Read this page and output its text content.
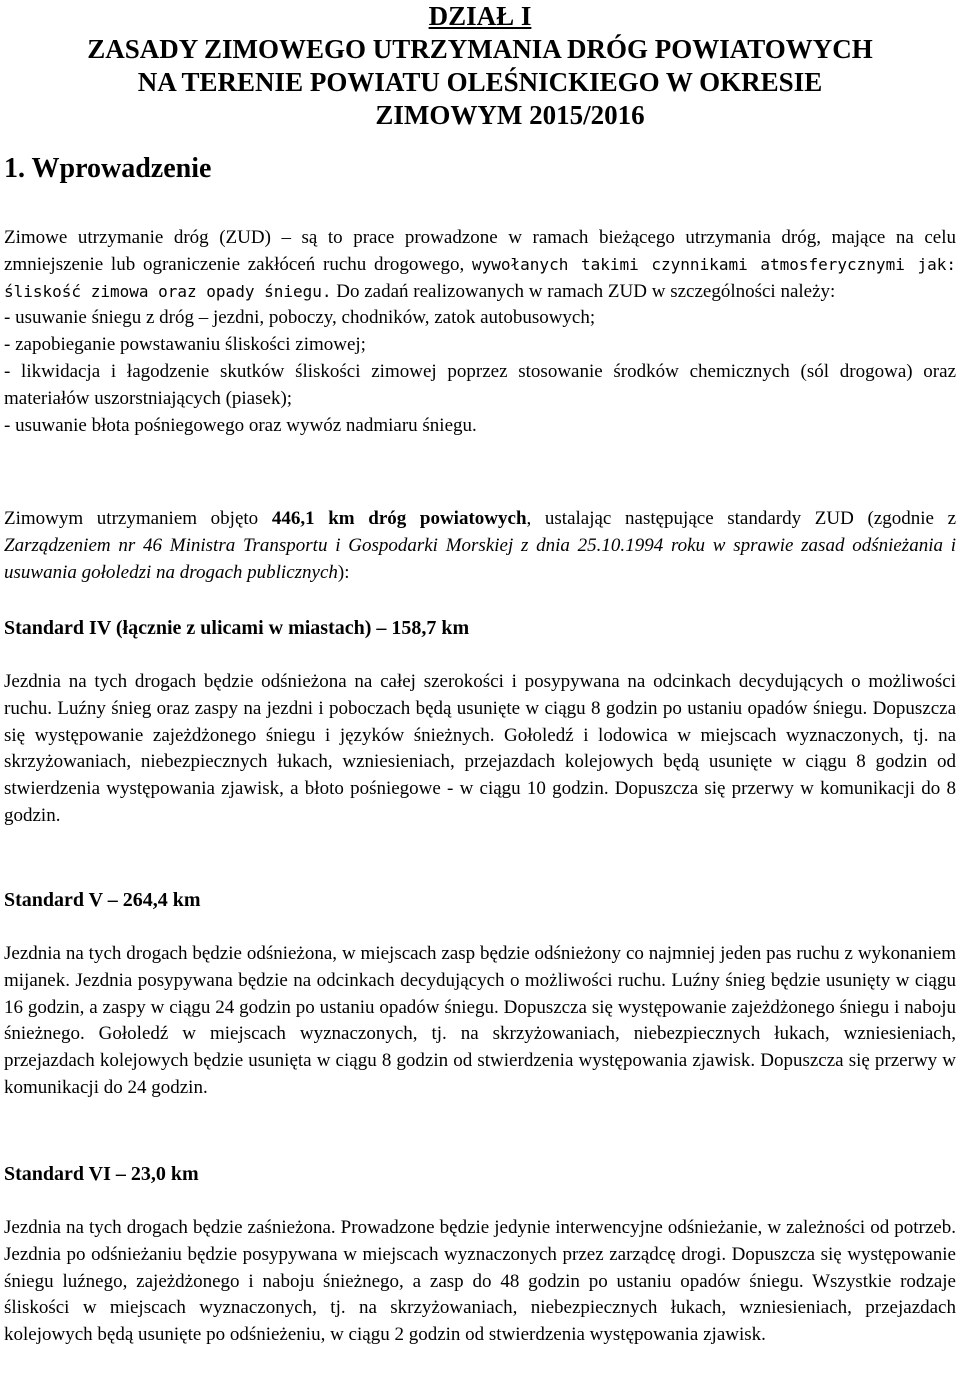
DZIAŁ I
ZASADY ZIMOWEGO UTRZYMANIA DRÓG POWIATOWYCH
NA TERENIE POWIATU OLEŚNICKIEGO W OKRESIE
ZIMOWYM 2015/2016
1. Wprowadzenie

Zimowe utrzymanie dróg (ZUD) – są to prace prowadzone w ramach bieżącego utrzymania dróg, mające na celu zmniejszenie lub ograniczenie zakłóceń ruchu drogowego, wywołanych takimi czynnikami atmosferycznymi jak: śliskość zimowa oraz opady śniegu. Do zadań realizowanych w ramach ZUD w szczególności należy:

- usuwanie śniegu z dróg – jezdni, poboczy, chodników, zatok autobusowych;

- zapobieganie powstawaniu śliskości zimowej;

- likwidacja i łagodzenie skutków śliskości zimowej poprzez stosowanie środków chemicznych (sól drogowa) oraz materiałów uszorstniających (piasek);

- usuwanie błota pośniegowego oraz wywóz nadmiaru śniegu.

Zimowym utrzymaniem objęto 446,1 km dróg powiatowych, ustalając następujące standardy ZUD (zgodnie z Zarządzeniem nr 46 Ministra Transportu i Gospodarki Morskiej z dnia 25.10.1994 roku w sprawie zasad odśnieżania i usuwania gołoledzi na drogach publicznych):

Standard IV (łącznie z ulicami w miastach) – 158,7 km

Jezdnia na tych drogach będzie odśnieżona na całej szerokości i posypywana na odcinkach decydujących o możliwości ruchu. Luźny śnieg oraz zaspy na jezdni i poboczach będą usunięte w ciągu 8 godzin po ustaniu opadów śniegu. Dopuszcza się występowanie zajeżdżonego śniegu i języków śnieżnych. Gołoledź i lodowica w miejscach wyznaczonych, tj. na skrzyżowaniach, niebezpiecznych łukach, wzniesieniach, przejazdach kolejowych będą usunięte w ciągu 8 godzin od stwierdzenia występowania zjawisk, a błoto pośniegowe - w ciągu 10 godzin. Dopuszcza się przerwy w komunikacji do 8 godzin.

Standard V – 264,4 km

Jezdnia na tych drogach będzie odśnieżona, w miejscach zasp będzie odśnieżony co najmniej jeden pas ruchu z wykonaniem mijanek. Jezdnia posypywana będzie na odcinkach decydujących o możliwości ruchu. Luźny śnieg będzie usunięty w ciągu 16 godzin, a zaspy w ciągu 24 godzin po ustaniu opadów śniegu. Dopuszcza się występowanie zajeżdżonego śniegu i naboju śnieżnego. Gołoledź w miejscach wyznaczonych, tj. na skrzyżowaniach, niebezpiecznych łukach, wzniesieniach, przejazdach kolejowych będzie usunięta w ciągu 8 godzin od stwierdzenia występowania zjawisk. Dopuszcza się przerwy w komunikacji do 24 godzin.

Standard VI – 23,0 km

Jezdnia na tych drogach będzie zaśnieżona. Prowadzone będzie jedynie interwencyjne odśnieżanie, w zależności od potrzeb. Jezdnia po odśnieżaniu będzie posypywana w miejscach wyznaczonych przez zarządcę drogi. Dopuszcza się występowanie śniegu luźnego, zajeżdżonego i naboju śnieżnego, a zasp do 48 godzin po ustaniu opadów śniegu. Wszystkie rodzaje śliskości w miejscach wyznaczonych, tj. na skrzyżowaniach, niebezpiecznych łukach, wzniesieniach, przejazdach kolejowych będą usunięte po odśnieżeniu, w ciągu 2 godzin od stwierdzenia występowania zjawisk.
